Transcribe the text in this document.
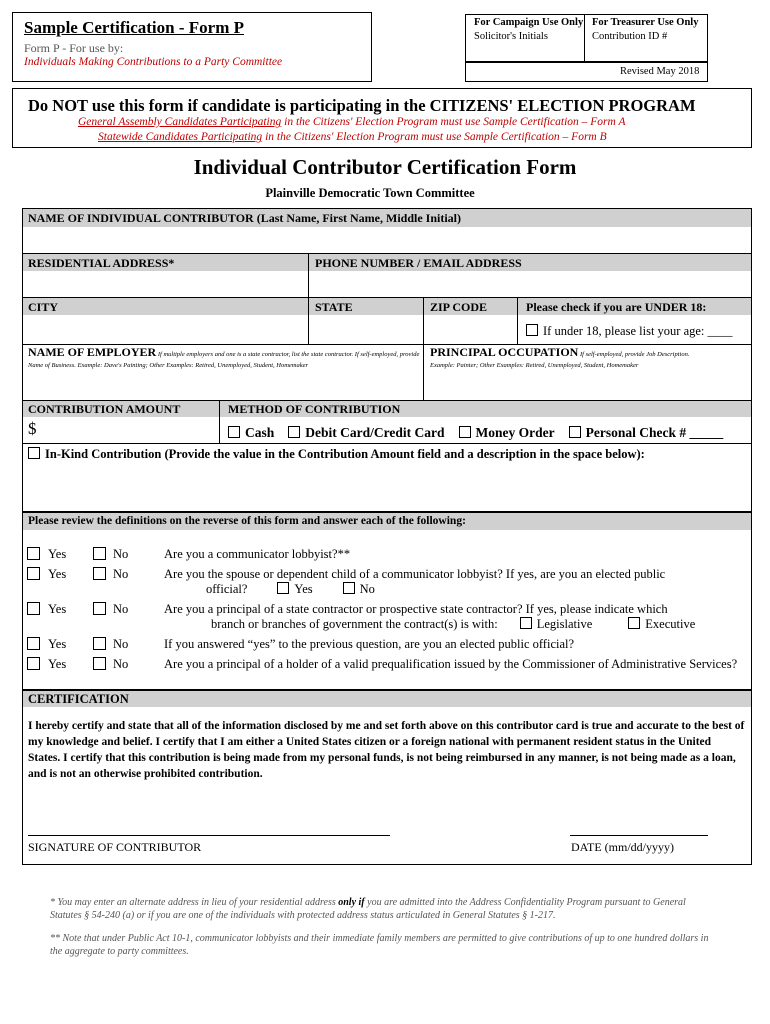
Sample Certification - Form P
Form P - For use by:
Individuals Making Contributions to a Party Committee
For Campaign Use Only
Solicitor's Initials
For Treasurer Use Only
Contribution ID #
Revised May 2018
Do NOT use this form if candidate is participating in the CITIZENS' ELECTION PROGRAM
General Assembly Candidates Participating in the Citizens' Election Program must use Sample Certification – Form A
Statewide Candidates Participating in the Citizens' Election Program must use Sample Certification – Form B
Individual Contributor Certification Form
Plainville Democratic Town Committee
NAME OF INDIVIDUAL CONTRIBUTOR (Last Name, First Name, Middle Initial)
RESIDENTIAL ADDRESS*	PHONE NUMBER / EMAIL ADDRESS
CITY	STATE	ZIP CODE	Please check if you are UNDER 18:
If under 18, please list your age: ____
NAME OF EMPLOYER If multiple employers and one is a state contractor, list the state contractor. If self-employed, provide Name of Business. Example: Dave's Painting; Other Examples: Retired, Unemployed, Student, Homemaker
PRINCIPAL OCCUPATION If self-employed, provide Job Description.
Example: Painter; Other Examples: Retired, Unemployed, Student, Homemaker
CONTRIBUTION AMOUNT	METHOD OF CONTRIBUTION
$	Cash Debit Card/Credit Card Money Order Personal Check # _____
In-Kind Contribution (Provide the value in the Contribution Amount field and a description in the space below):
Please review the definitions on the reverse of this form and answer each of the following:
Yes	No	Are you a communicator lobbyist?**
Yes	No	Are you the spouse or dependent child of a communicator lobbyist? If yes, are you an elected public
official?	Yes	No
Yes	No	Are you a principal of a state contractor or prospective state contractor? If yes, please indicate which
branch or branches of government the contract(s) is with:	Legislative	Executive
Yes	No	If you answered “yes” to the previous question, are you an elected public official?
Yes	No	Are you a principal of a holder of a valid prequalification issued by the Commissioner of Administrative Services?
CERTIFICATION
I hereby certify and state that all of the information disclosed by me and set forth above on this contributor card is true and accurate to the best of my knowledge and belief. I certify that I am either a United States citizen or a foreign national with permanent resident status in the United States. I certify that this contribution is being made from my personal funds, is not being reimbursed in any manner, is not being made as a loan, and is not an otherwise prohibited contribution.
SIGNATURE OF CONTRIBUTOR	DATE (mm/dd/yyyy)
* You may enter an alternate address in lieu of your residential address only if you are admitted into the Address Confidentiality Program pursuant to General Statutes § 54-240 (a) or if you are one of the individuals with protected address status articulated in General Statutes § 1-217.
** Note that under Public Act 10-1, communicator lobbyists and their immediate family members are permitted to give contributions of up to one hundred dollars in the aggregate to party committees.
